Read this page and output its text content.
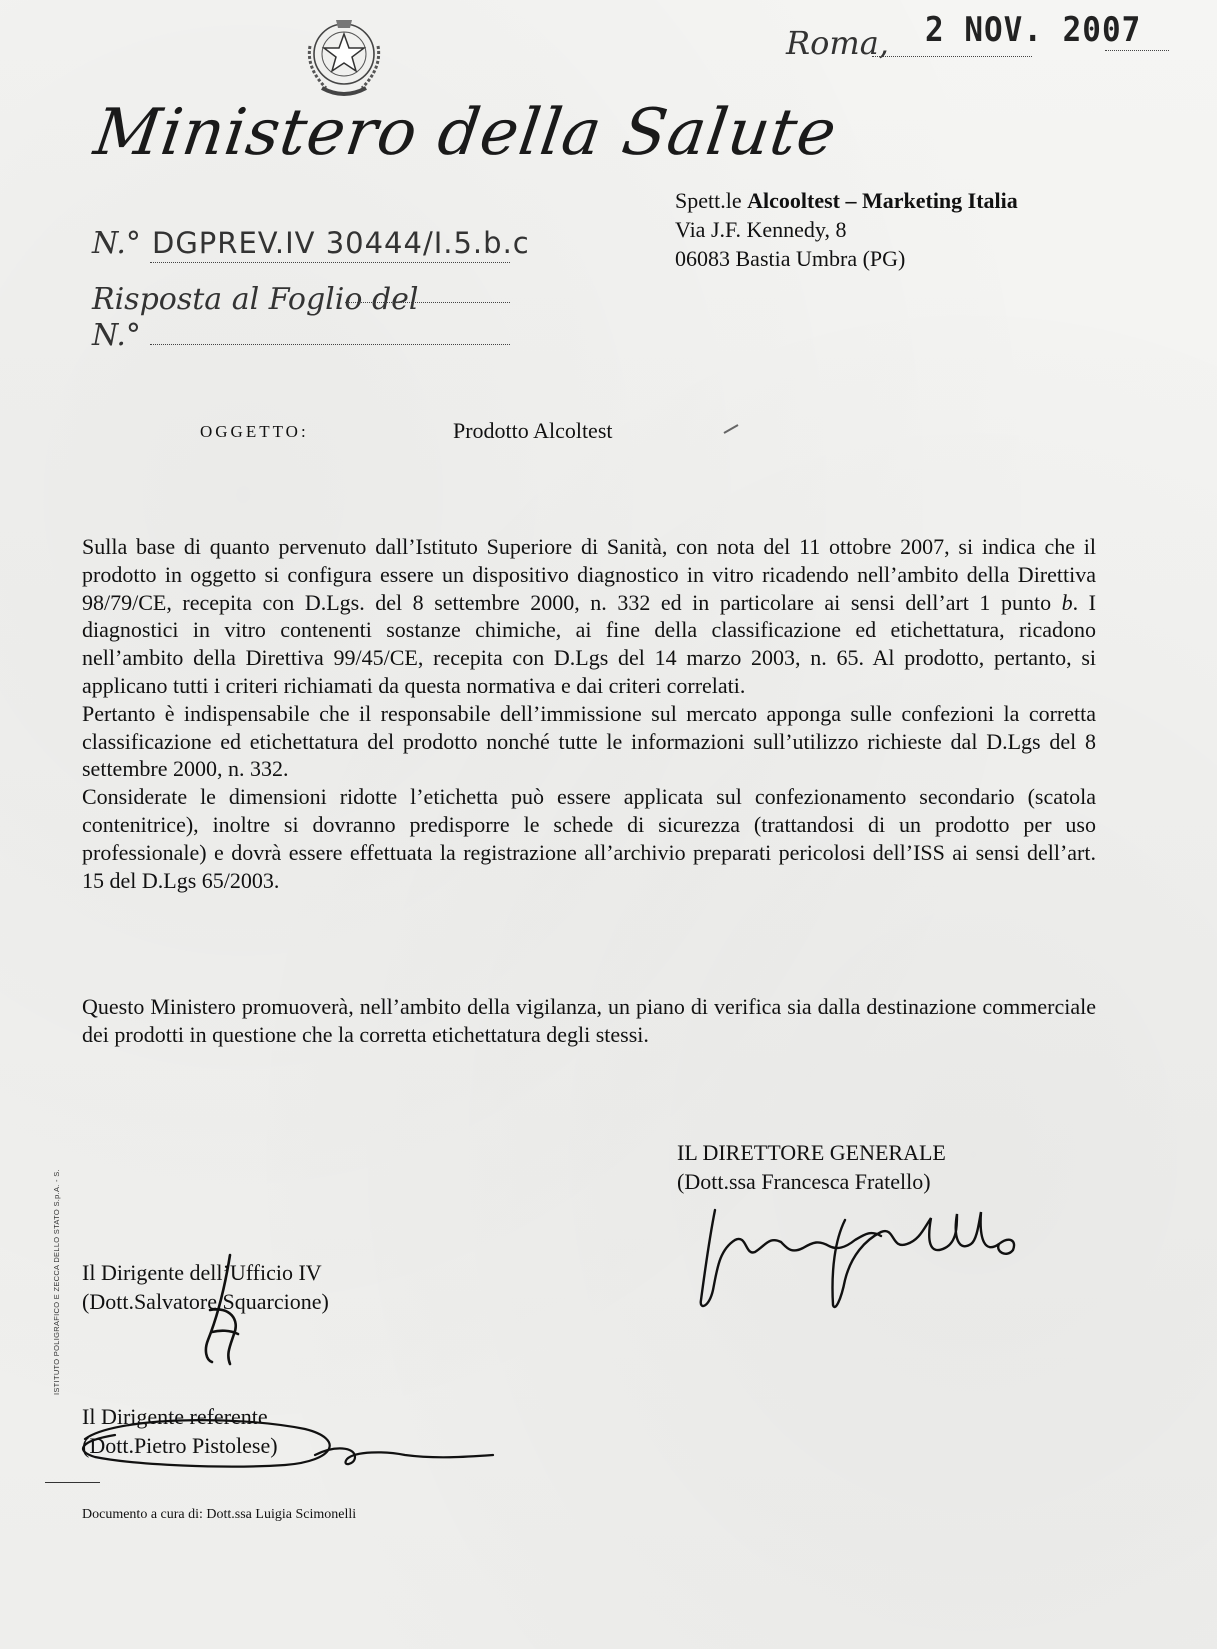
Ministero della Salute
Roma, 2 NOV. 2007
N.° DGPREV.IV 30444/I.5.b.c
Risposta al Foglio del
N.°
Spett.le Alcooltest – Marketing Italia
Via J.F. Kennedy, 8
06083 Bastia Umbra (PG)
OGGETTO:	Prodotto Alcoltest

Sulla base di quanto pervenuto dall’Istituto Superiore di Sanità, con nota del 11 ottobre 2007, si indica che il prodotto in oggetto si configura essere un dispositivo diagnostico in vitro ricadendo nell’ambito della Direttiva 98/79/CE, recepita con D.Lgs. del 8 settembre 2000, n. 332 ed in particolare ai sensi dell’art 1 punto b. I diagnostici in vitro contenenti sostanze chimiche, ai fine della classificazione ed etichettatura, ricadono nell’ambito della Direttiva 99/45/CE, recepita con D.Lgs del 14 marzo 2003, n. 65. Al prodotto, pertanto, si applicano tutti i criteri richiamati da questa normativa e dai criteri correlati.

Pertanto è indispensabile che il responsabile dell’immissione sul mercato apponga sulle confezioni la corretta classificazione ed etichettatura del prodotto nonché tutte le informazioni sull’utilizzo richieste dal D.Lgs del 8 settembre 2000, n. 332.

Considerate le dimensioni ridotte l’etichetta può essere applicata sul confezionamento secondario (scatola contenitrice), inoltre si dovranno predisporre le schede di sicurezza (trattandosi di un prodotto per uso professionale) e dovrà essere effettuata la registrazione all’archivio preparati pericolosi dell’ISS ai sensi dell’art. 15 del D.Lgs 65/2003.

Questo Ministero promuoverà, nell’ambito della vigilanza, un piano di verifica sia dalla destinazione commerciale dei prodotti in questione che la corretta etichettatura degli stessi.
IL DIRETTORE GENERALE
(Dott.ssa Francesca Fratello)
Il Dirigente dell’Ufficio IV
(Dott.Salvatore Squarcione)
Il Dirigente referente
(Dott.Pietro Pistolese)
Documento a cura di: Dott.ssa Luigia Scimonelli
ISTITUTO POLIGRAFICO E ZECCA DELLO STATO S.p.A. - S.
